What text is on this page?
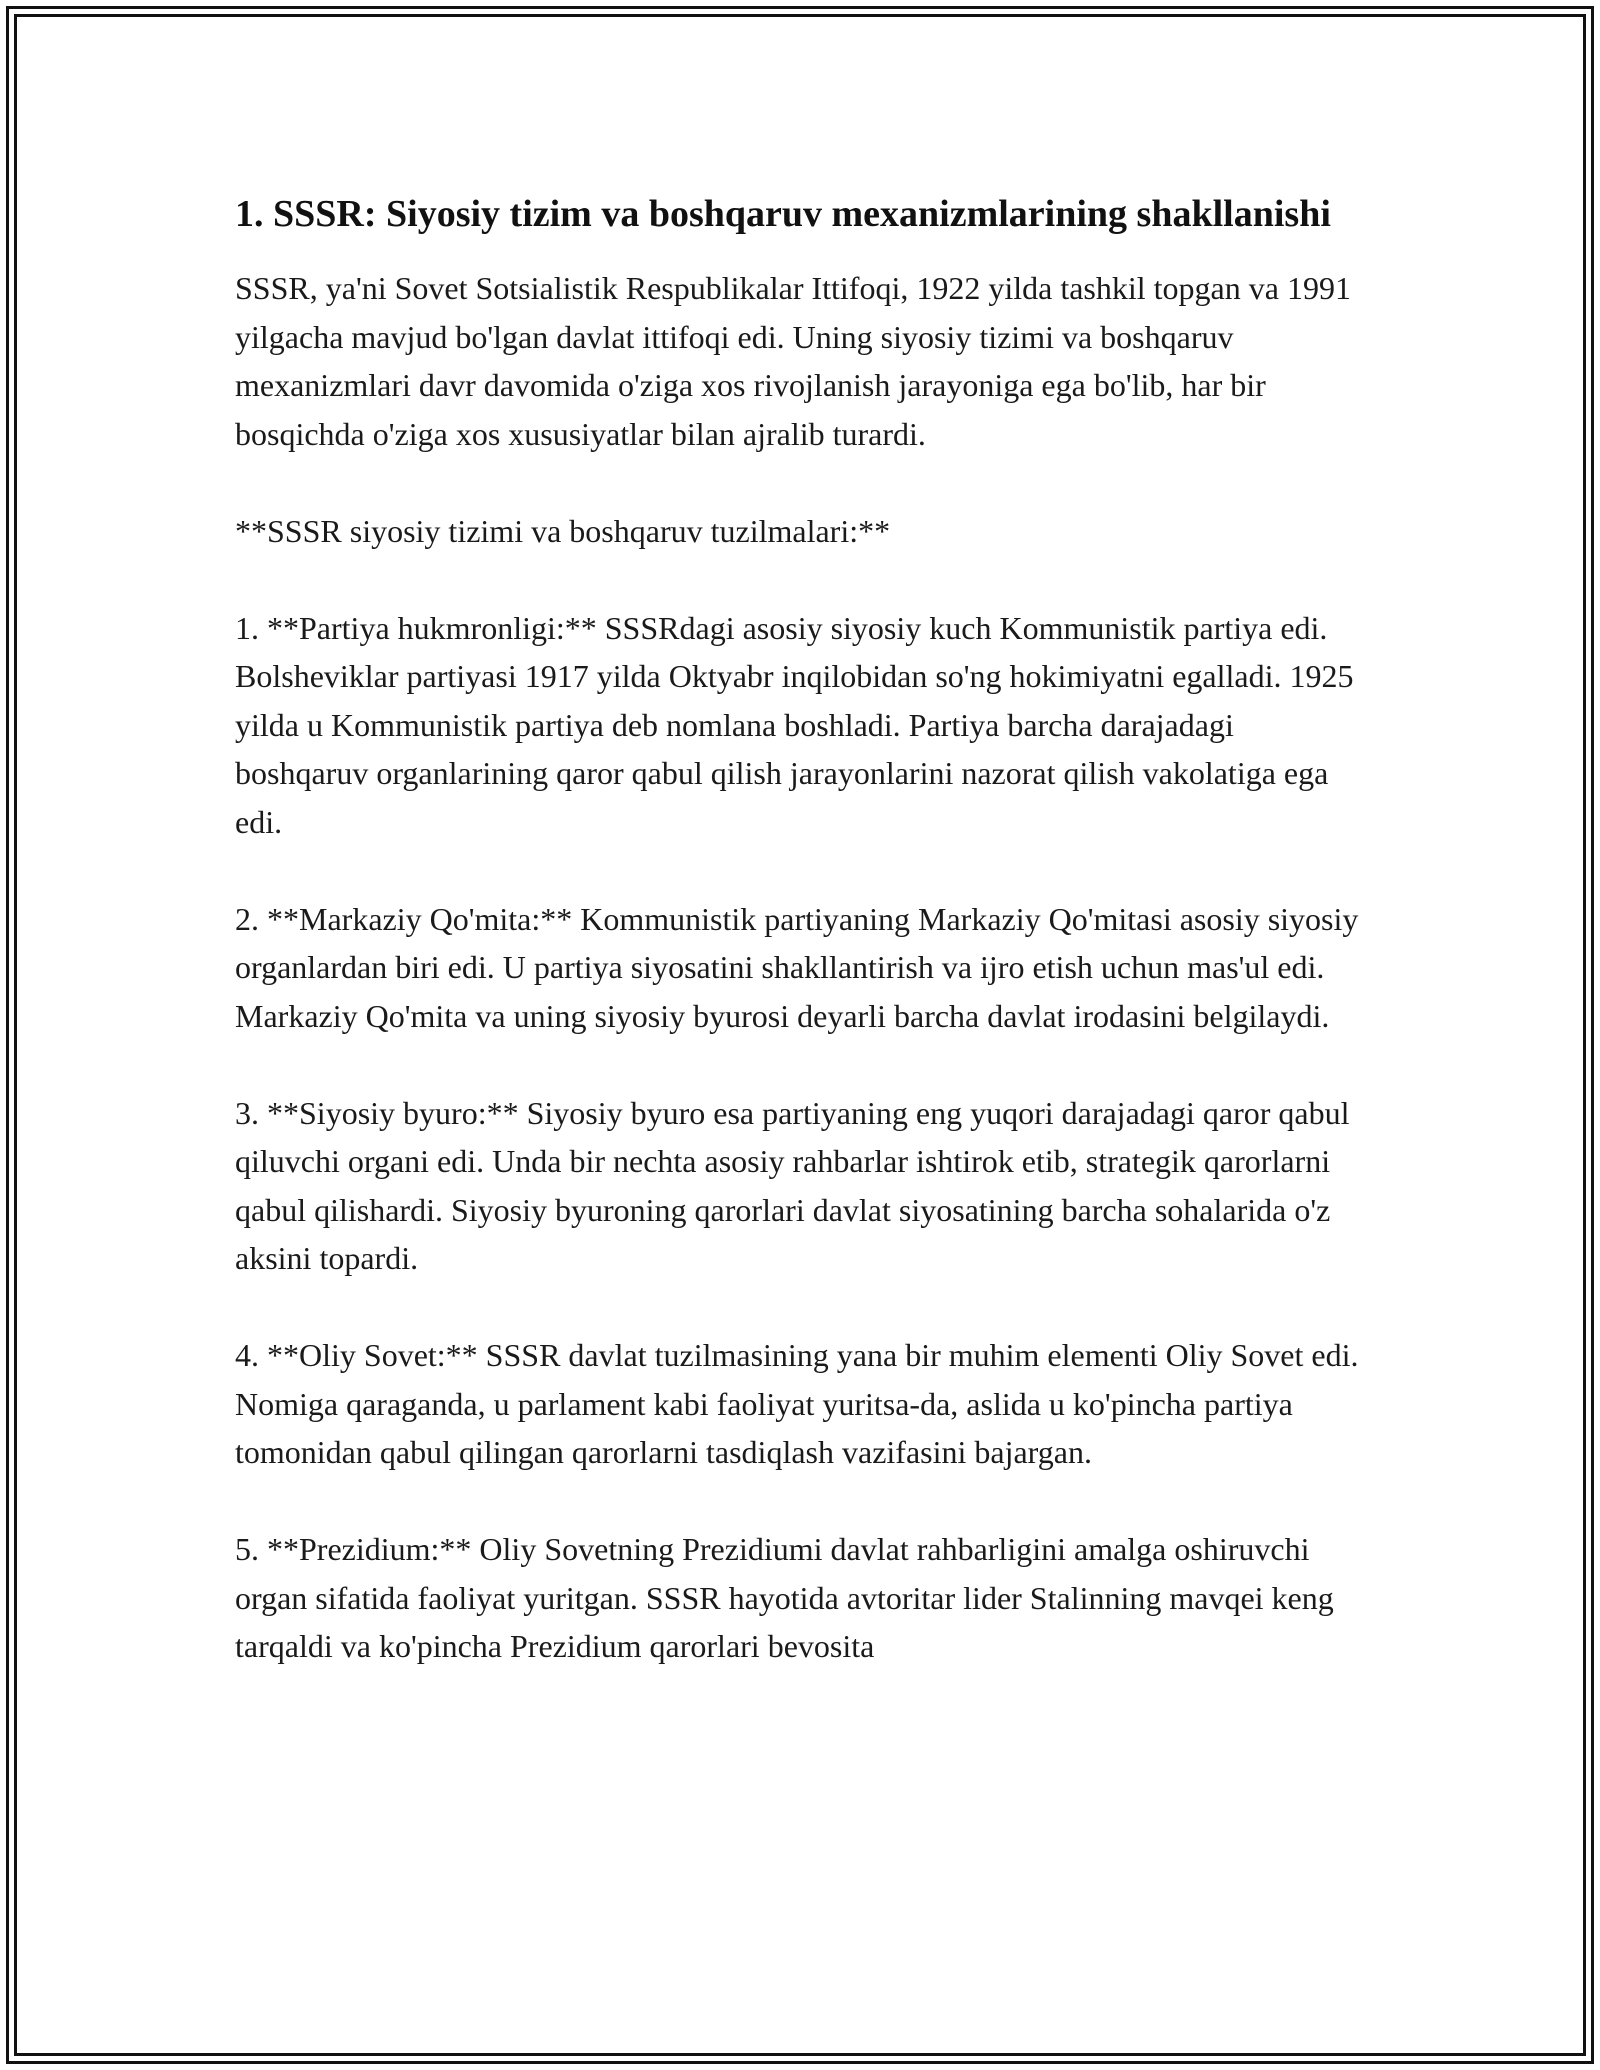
1. SSSR: Siyosiy tizim va boshqaruv mexanizmlarining shakllanishi

SSSR, ya'ni Sovet Sotsialistik Respublikalar Ittifoqi, 1922 yilda tashkil topgan va 1991 yilgacha mavjud bo'lgan davlat ittifoqi edi. Uning siyosiy tizimi va boshqaruv mexanizmlari davr davomida o'ziga xos rivojlanish jarayoniga ega bo'lib, har bir bosqichda o'ziga xos xususiyatlar bilan ajralib turardi.

**SSSR siyosiy tizimi va boshqaruv tuzilmalari:**

1. **Partiya hukmronligi:** SSSRdagi asosiy siyosiy kuch Kommunistik partiya edi. Bolsheviklar partiyasi 1917 yilda Oktyabr inqilobidan so'ng hokimiyatni egalladi. 1925 yilda u Kommunistik partiya deb nomlana boshladi. Partiya barcha darajadagi boshqaruv organlarining qaror qabul qilish jarayonlarini nazorat qilish vakolatiga ega edi.

2. **Markaziy Qo'mita:** Kommunistik partiyaning Markaziy Qo'mitasi asosiy siyosiy organlardan biri edi. U partiya siyosatini shakllantirish va ijro etish uchun mas'ul edi. Markaziy Qo'mita va uning siyosiy byurosi deyarli barcha davlat irodasini belgilaydi.

3. **Siyosiy byuro:** Siyosiy byuro esa partiyaning eng yuqori darajadagi qaror qabul qiluvchi organi edi. Unda bir nechta asosiy rahbarlar ishtirok etib, strategik qarorlarni qabul qilishardi. Siyosiy byuroning qarorlari davlat siyosatining barcha sohalarida o'z aksini topardi.

4. **Oliy Sovet:** SSSR davlat tuzilmasining yana bir muhim elementi Oliy Sovet edi. Nomiga qaraganda, u parlament kabi faoliyat yuritsa-da, aslida u ko'pincha partiya tomonidan qabul qilingan qarorlarni tasdiqlash vazifasini bajargan.

5. **Prezidium:** Oliy Sovetning Prezidiumi davlat rahbarligini amalga oshiruvchi organ sifatida faoliyat yuritgan. SSSR hayotida avtoritar lider Stalinning mavqei keng tarqaldi va ko'pincha Prezidium qarorlari bevosita
